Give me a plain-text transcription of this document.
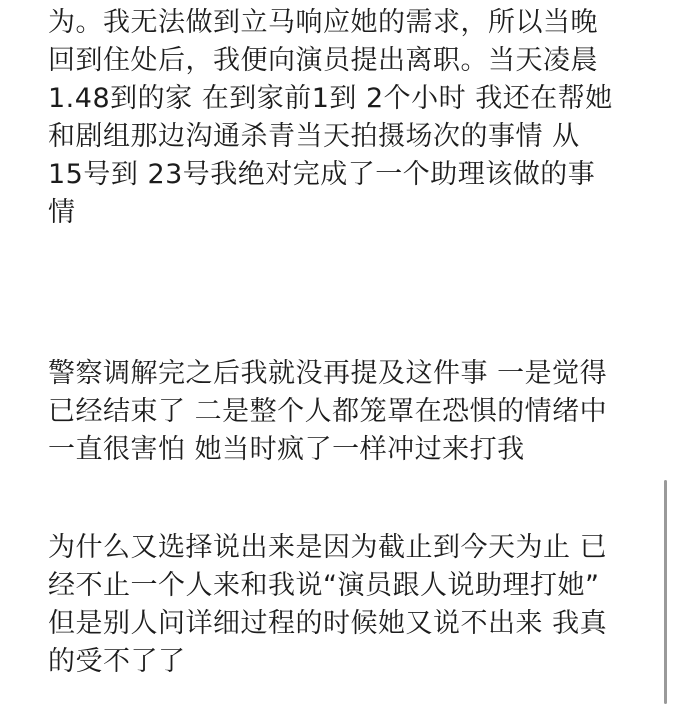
为。我无法做到立马响应她的需求，所以当晚
回到住处后，我便向演员提出离职。当天凌晨
1.48到的家 在到家前1到 2个小时 我还在帮她
和剧组那边沟通杀青当天拍摄场次的事情 从
15号到 23号我绝对完成了一个助理该做的事
情
警察调解完之后我就没再提及这件事 一是觉得
已经结束了 二是整个人都笼罩在恐惧的情绪中
一直很害怕 她当时疯了一样冲过来打我
为什么又选择说出来是因为截止到今天为止 已
经不止一个人来和我说“演员跟人说助理打她”
但是别人问详细过程的时候她又说不出来 我真
的受不了了
